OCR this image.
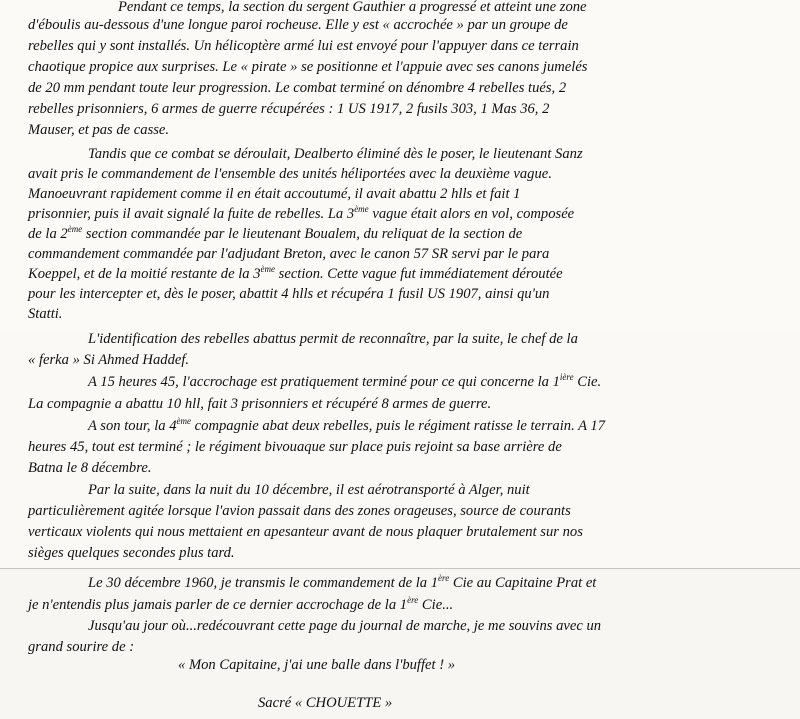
Pendant ce temps, la section du sergent Gauthier a progressé et atteint une zone
d'éboulis au-dessous d'une longue paroi rocheuse. Elle y est « accrochée » par un groupe de
rebelles qui y sont installés. Un hélicoptère armé lui est envoyé pour l'appuyer dans ce terrain
chaotique propice aux surprises. Le « pirate » se positionne et l'appuie avec ses canons jumelés
de 20 mm pendant toute leur progression. Le combat terminé on dénombre 4 rebelles tués, 2
rebelles prisonniers, 6 armes de guerre récupérées : 1 US 1917, 2 fusils 303, 1 Mas 36, 2
Mauser, et pas de casse.
Tandis que ce combat se déroulait, Dealberto éliminé dès le poser, le lieutenant Sanz
avait pris le commandement de l'ensemble des unités héliportées avec la deuxième vague.
Manoeuvrant rapidement comme il en était accoutumé, il avait abattu 2 hlls et fait 1
prisonnier, puis il avait signalé la fuite de rebelles. La 3ème vague était alors en vol, composée
de la 2ème section commandée par le lieutenant Boualem, du reliquat de la section de
commandement commandée par l'adjudant Breton, avec le canon 57 SR servi par le para
Koeppel, et de la moitié restante de la 3ème section. Cette vague fut immédiatement déroutée
pour les intercepter et, dès le poser, abattit 4 hlls et récupéra 1 fusil US 1907, ainsi qu'un
Statti.
L'identification des rebelles abattus permit de reconnaître, par la suite, le chef de la
« ferka » Si Ahmed Haddef.
A 15 heures 45, l'accrochage est pratiquement terminé pour ce qui concerne la $1^{ière}$ Cie.
La compagnie a abattu 10 hll, fait 3 prisonniers et récupéré 8 armes de guerre.
A son tour, la 4ème compagnie abat deux rebelles, puis le régiment ratisse le terrain. A 17
heures 45, tout est terminé ; le régiment bivouaque sur place puis rejoint sa base arrière de
Batna le 8 décembre.
Par la suite, dans la nuit du 10 décembre, il est aérotransporté à Alger, nuit
particulièrement agitée lorsque l'avion passait dans des zones orageuses, source de courants
verticaux violents qui nous mettaient en apesanteur avant de nous plaquer brutalement sur nos
sièges quelques secondes plus tard.
Le 30 décembre 1960, je transmis le commandement de la 1ère Cie au Capitaine Prat et
je n'entendis plus jamais parler de ce dernier accrochage de la 1ère Cie...
Jusqu'au jour où...redécouvrant cette page du journal de marche, je me souvins avec un
grand sourire de :
« Mon Capitaine, j'ai une balle dans l'buffet ! »
Sacré « CHOUETTE »
